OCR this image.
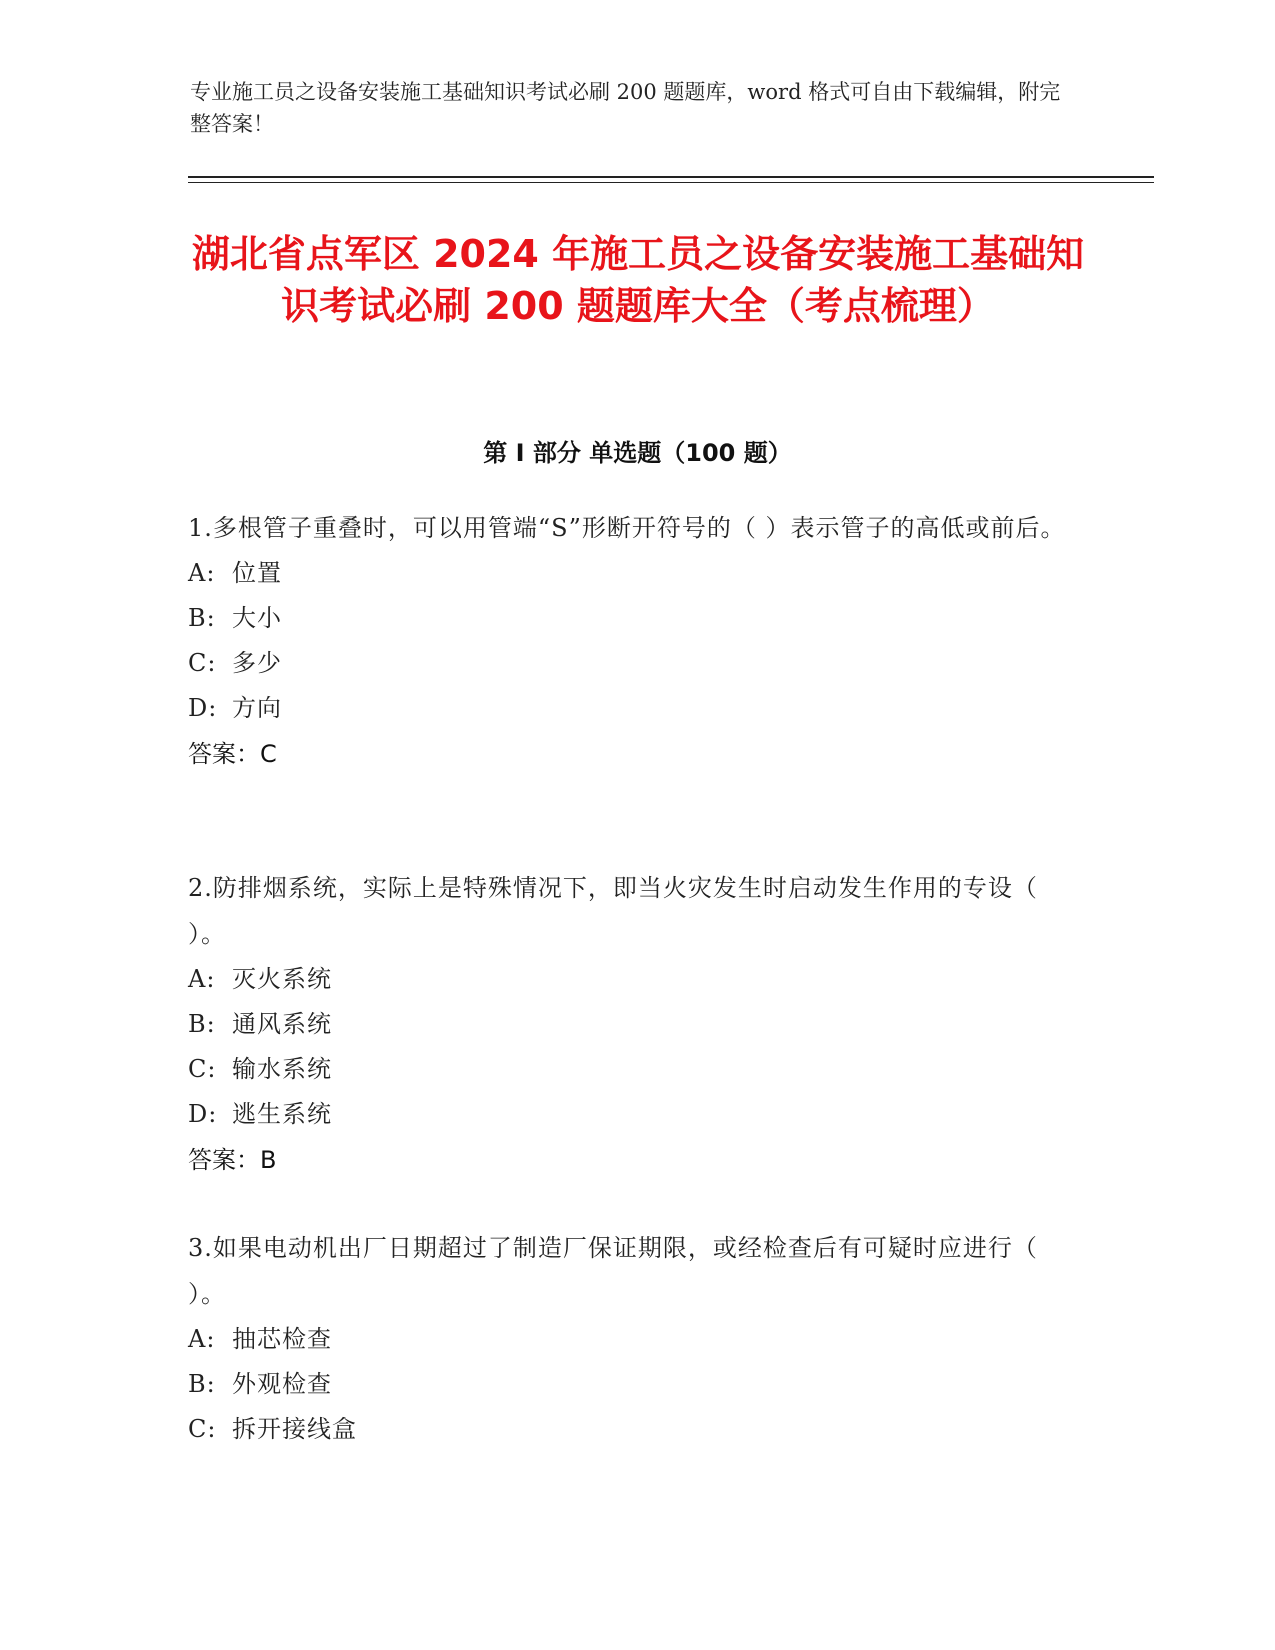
专业施工员之设备安装施工基础知识考试必刷 200 题题库，word 格式可自由下载编辑，附完整答案！
湖北省点军区 2024 年施工员之设备安装施工基础知识考试必刷 200 题题库大全（考点梳理）
第 I 部分 单选题（100 题）
1.多根管子重叠时，可以用管端“S”形断开符号的（ ）表示管子的高低或前后。
A: 位置
B: 大小
C: 多少
D: 方向
答案：C
2.防排烟系统，实际上是特殊情况下，即当火灾发生时启动发生作用的专设（ ）。
A: 灭火系统
B: 通风系统
C: 输水系统
D: 逃生系统
答案：B
3.如果电动机出厂日期超过了制造厂保证期限，或经检查后有可疑时应进行（ ）。
A: 抽芯检查
B: 外观检查
C: 拆开接线盒
